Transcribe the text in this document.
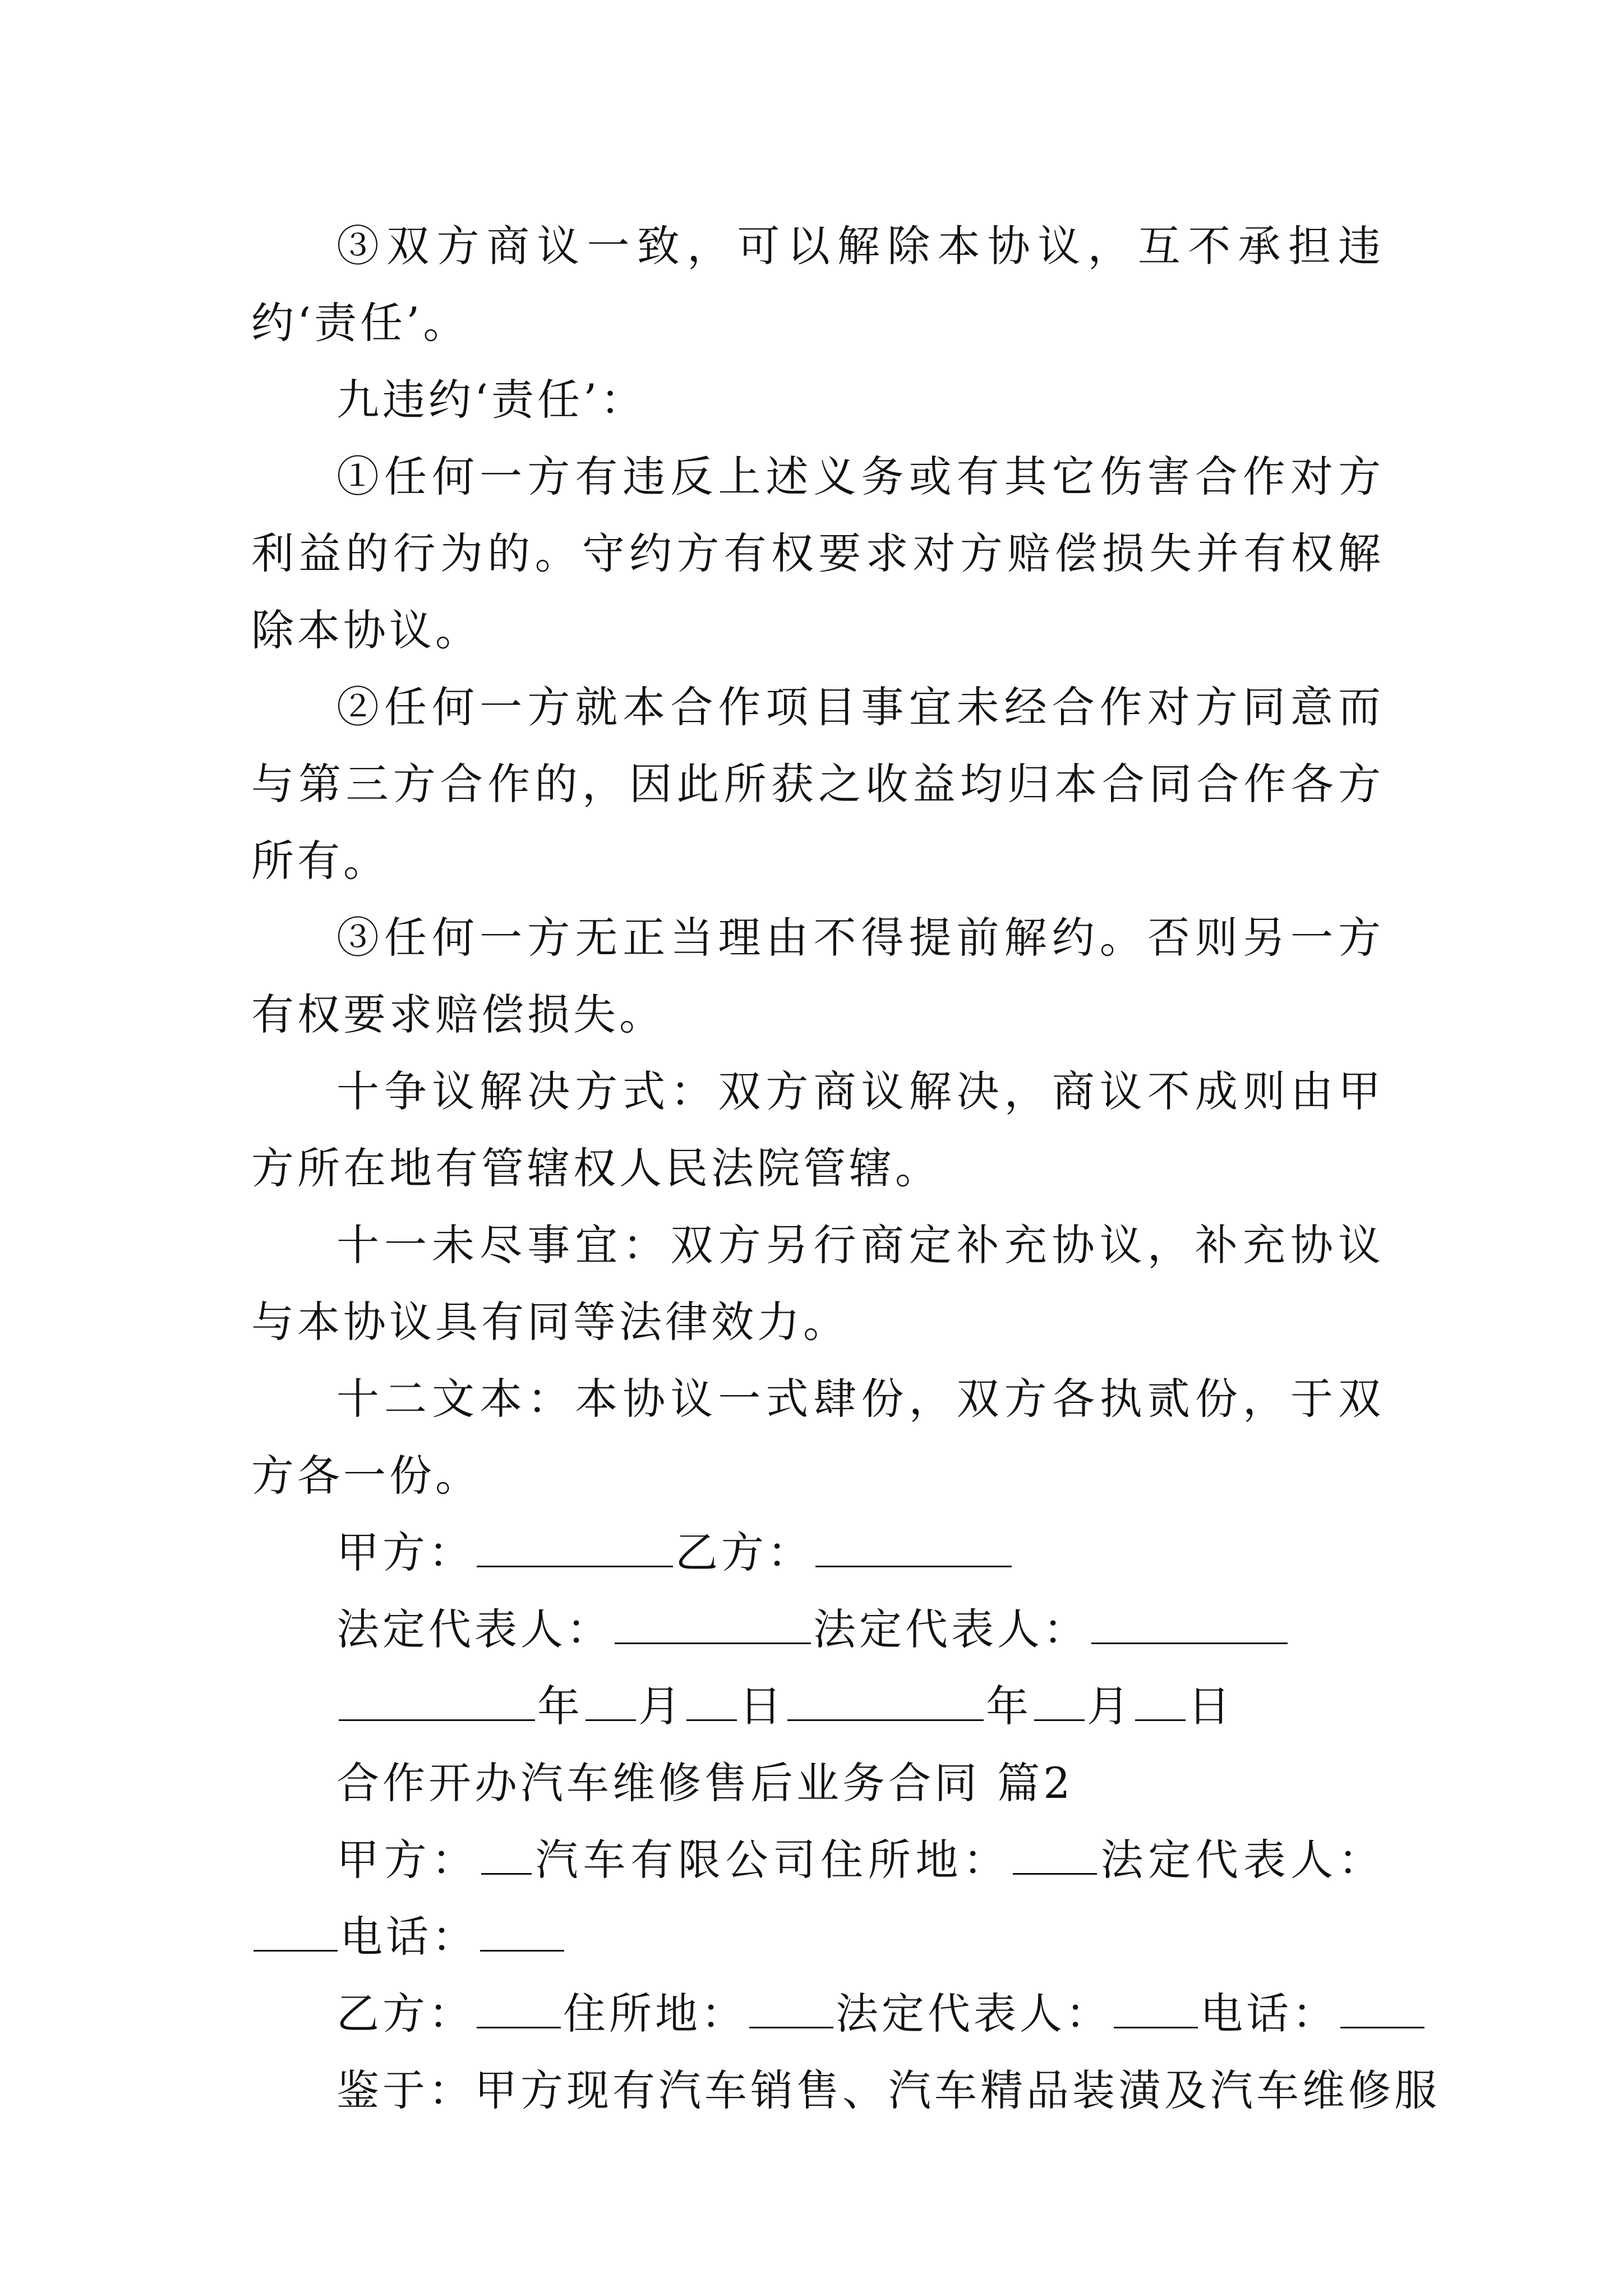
③双方商议一致，可以解除本协议，互不承担违约‘责任’。

九违约‘责任’：

①任何一方有违反上述义务或有其它伤害合作对方利益的行为的。守约方有权要求对方赔偿损失并有权解除本协议。

②任何一方就本合作项目事宜未经合作对方同意而与第三方合作的，因此所获之收益均归本合同合作各方所有。

③任何一方无正当理由不得提前解约。否则另一方有权要求赔偿损失。

十争议解决方式：双方商议解决，商议不成则由甲方所在地有管辖权人民法院管辖。

十一未尽事宜：双方另行商定补充协议，补充协议与本协议具有同等法律效力。

十二文本：本协议一式肆份，双方各执贰份，于双方各一份。

甲方：	乙方：
法定代表人：	法定代表人：
年 月 日	年 月 日
合作开办汽车维修售后业务合同 篇2

甲方： 汽车有限公司住所地： 法定代表人：电话：

乙方： 住所地： 法定代表人： 电话：
鉴于：甲方现有汽车销售、汽车精品装潢及汽车维修服
